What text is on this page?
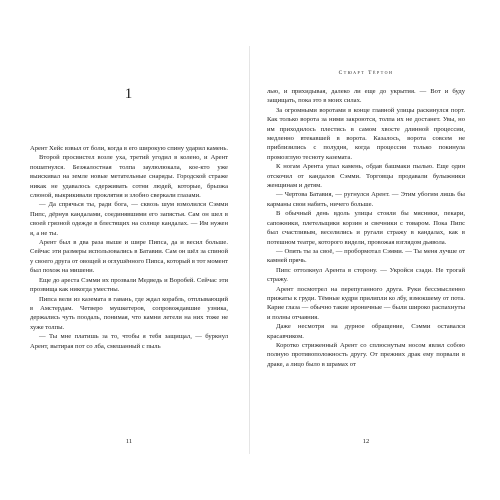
1

Арент Хейс взвыл от боли, когда в его широкую спину ударил камень.

Второй просвистел возле уха, третий угодил в колено, и Арент пошатнулся. Безжалостная толпа заулюлюкала, кое-кто уже выискивал на земле новые метательные снаряды. Городской страже никак не удавалось сдерживать сотни людей, которые, брызжа слюной, выкрикивали проклятия и злобно сверкали глазами.

— Да спрячься ты, ради бога, — сквозь шум взмолился Сэмми Пипс, дёрнув кандалами, соединявшими его запястья. Сам он шел в своей грязной одежде в блестящих на солнце кандалах. — Им нужен я, а не ты.

Арент был в два раза выше и шире Пипса, да и весил больше. Сейчас эти размеры использовались в Батавии. Сам он шёл за спиной у своего друга от овощей и оглушённого Пипса, который в тот момент был похож на мишени.

Еще до ареста Сэмми их прозвали Медведь и Воробей. Сейчас эти прозвища как никогда уместны.

Пипса вели из каземата в гавань, где ждал корабль, отплывающий в Амстердам. Четверо мушкетеров, сопровождавшие узника, держались чуть поодаль, понимая, что камни летели на них тоже не хуже толпы.

— Ты мне платишь за то, чтобы я тебя защищал, — буркнул Арент, вытирая пот со лба, смешанный с пыль

11
Стюарт Тёртон

лью, и прихидывая, далеко ли еще до укрытия. — Вот и буду защищать, пока это в моих силах.

За огромными воротами в конце главной улицы раскинулся порт. Как только ворота за ними закроются, толпа их не достанет. Увы, но им приходилось плестись в самом хвосте длинной процессии, медленно втекавшей в ворота. Казалось, ворота совсем не приблизились с полудня, когда процессия только покинула промозглую тесноту каземата.

К ногам Арента упал камень, обдав башмаки пылью. Еще один отскочил от кандалов Сэмми. Торговцы продавали булыжники женщинам и детям.

— Чертова Батавия, — ругнулся Арент. — Этим убогим лишь бы карманы свои набить, ничего больше.

В обычный день вдоль улицы стояли бы мясники, пекари, сапожники, плетельщики корзин и свечники с товаром. Пока Пипс был счастливым, веселились и ругали стражу в кандалах, как в потешном театре, которого видели, провожая взглядом дьявола.

— Опять ты за своё, — пробормотал Сэмми. — Ты меня лучше от камней прячь.

Пипс оттолкнул Арента в сторону. — Укройся сзади. Не трогай стражу.

Арент посмотрел на перепуганного друга. Руки бессмысленно прижаты к груди. Тёмные кудри прилипли ко лбу, взмокшему от пота. Карие глаза — обычно такие ироничные — были широко распахнуты и полны отчаяния.

Даже несмотря на дурное обращение, Сэмми оставался красавчиком.

Коротко стриженный Арент со сплюснутым носом являл собою полную противоположность другу. От прежних драк ему порвали в драке, а лицо было в шрамах от

12
